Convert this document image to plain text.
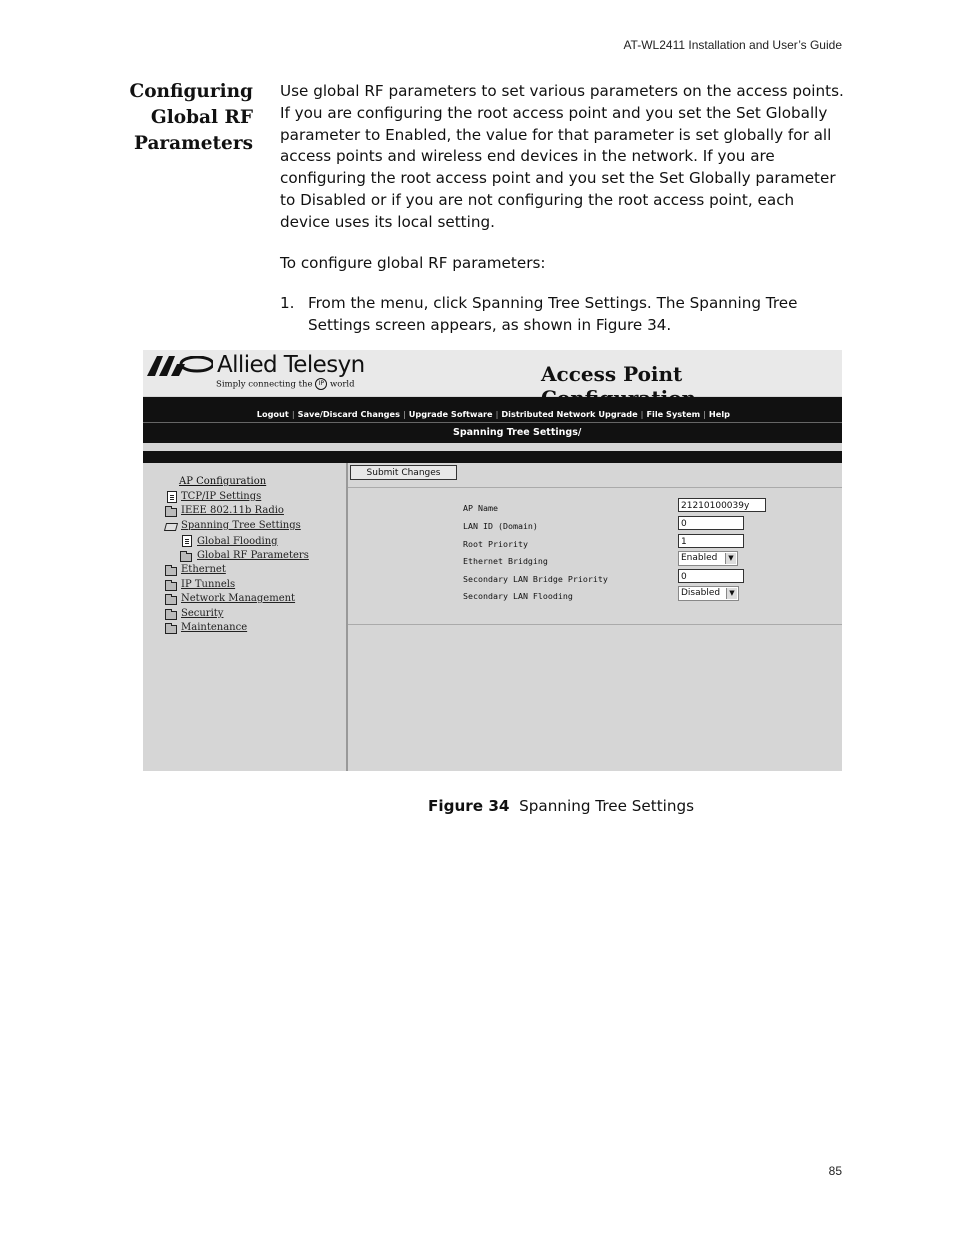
AT-WL2411 Installation and User’s Guide
Configuring
Global RF
Parameters
Use global RF parameters to set various parameters on the access points. If you are configuring the root access point and you set the Set Globally parameter to Enabled, the value for that parameter is set globally for all access points and wireless end devices in the network. If you are configuring the root access point and you set the Set Globally parameter to Disabled or if you are not configuring the root access point, each device uses its local setting.
To configure global RF parameters:
1. From the menu, click Spanning Tree Settings. The Spanning Tree Settings screen appears, as shown in Figure 34.
Allied Telesyn
Simply connecting the IP world	Access Point
Logout | Save/Discard Changes | Upgrade Software | Distributed Network Upgrade | File System | Help
Spanning Tree Settings/
AP Configuration
TCP/IP Settings
IEEE 802.11b Radio
Spanning Tree Settings
Global Flooding
Global RF Parameters
Ethernet
IP Tunnels
Network Management
Security
Maintenance
Submit Changes
AP Name	21210100039y
LAN ID (Domain)	0
Root Priority	1
Ethernet Bridging	Enabled	▼
Secondary LAN Bridge Priority	0
Secondary LAN Flooding	Disabled	▼
Figure 34 Spanning Tree Settings
85
